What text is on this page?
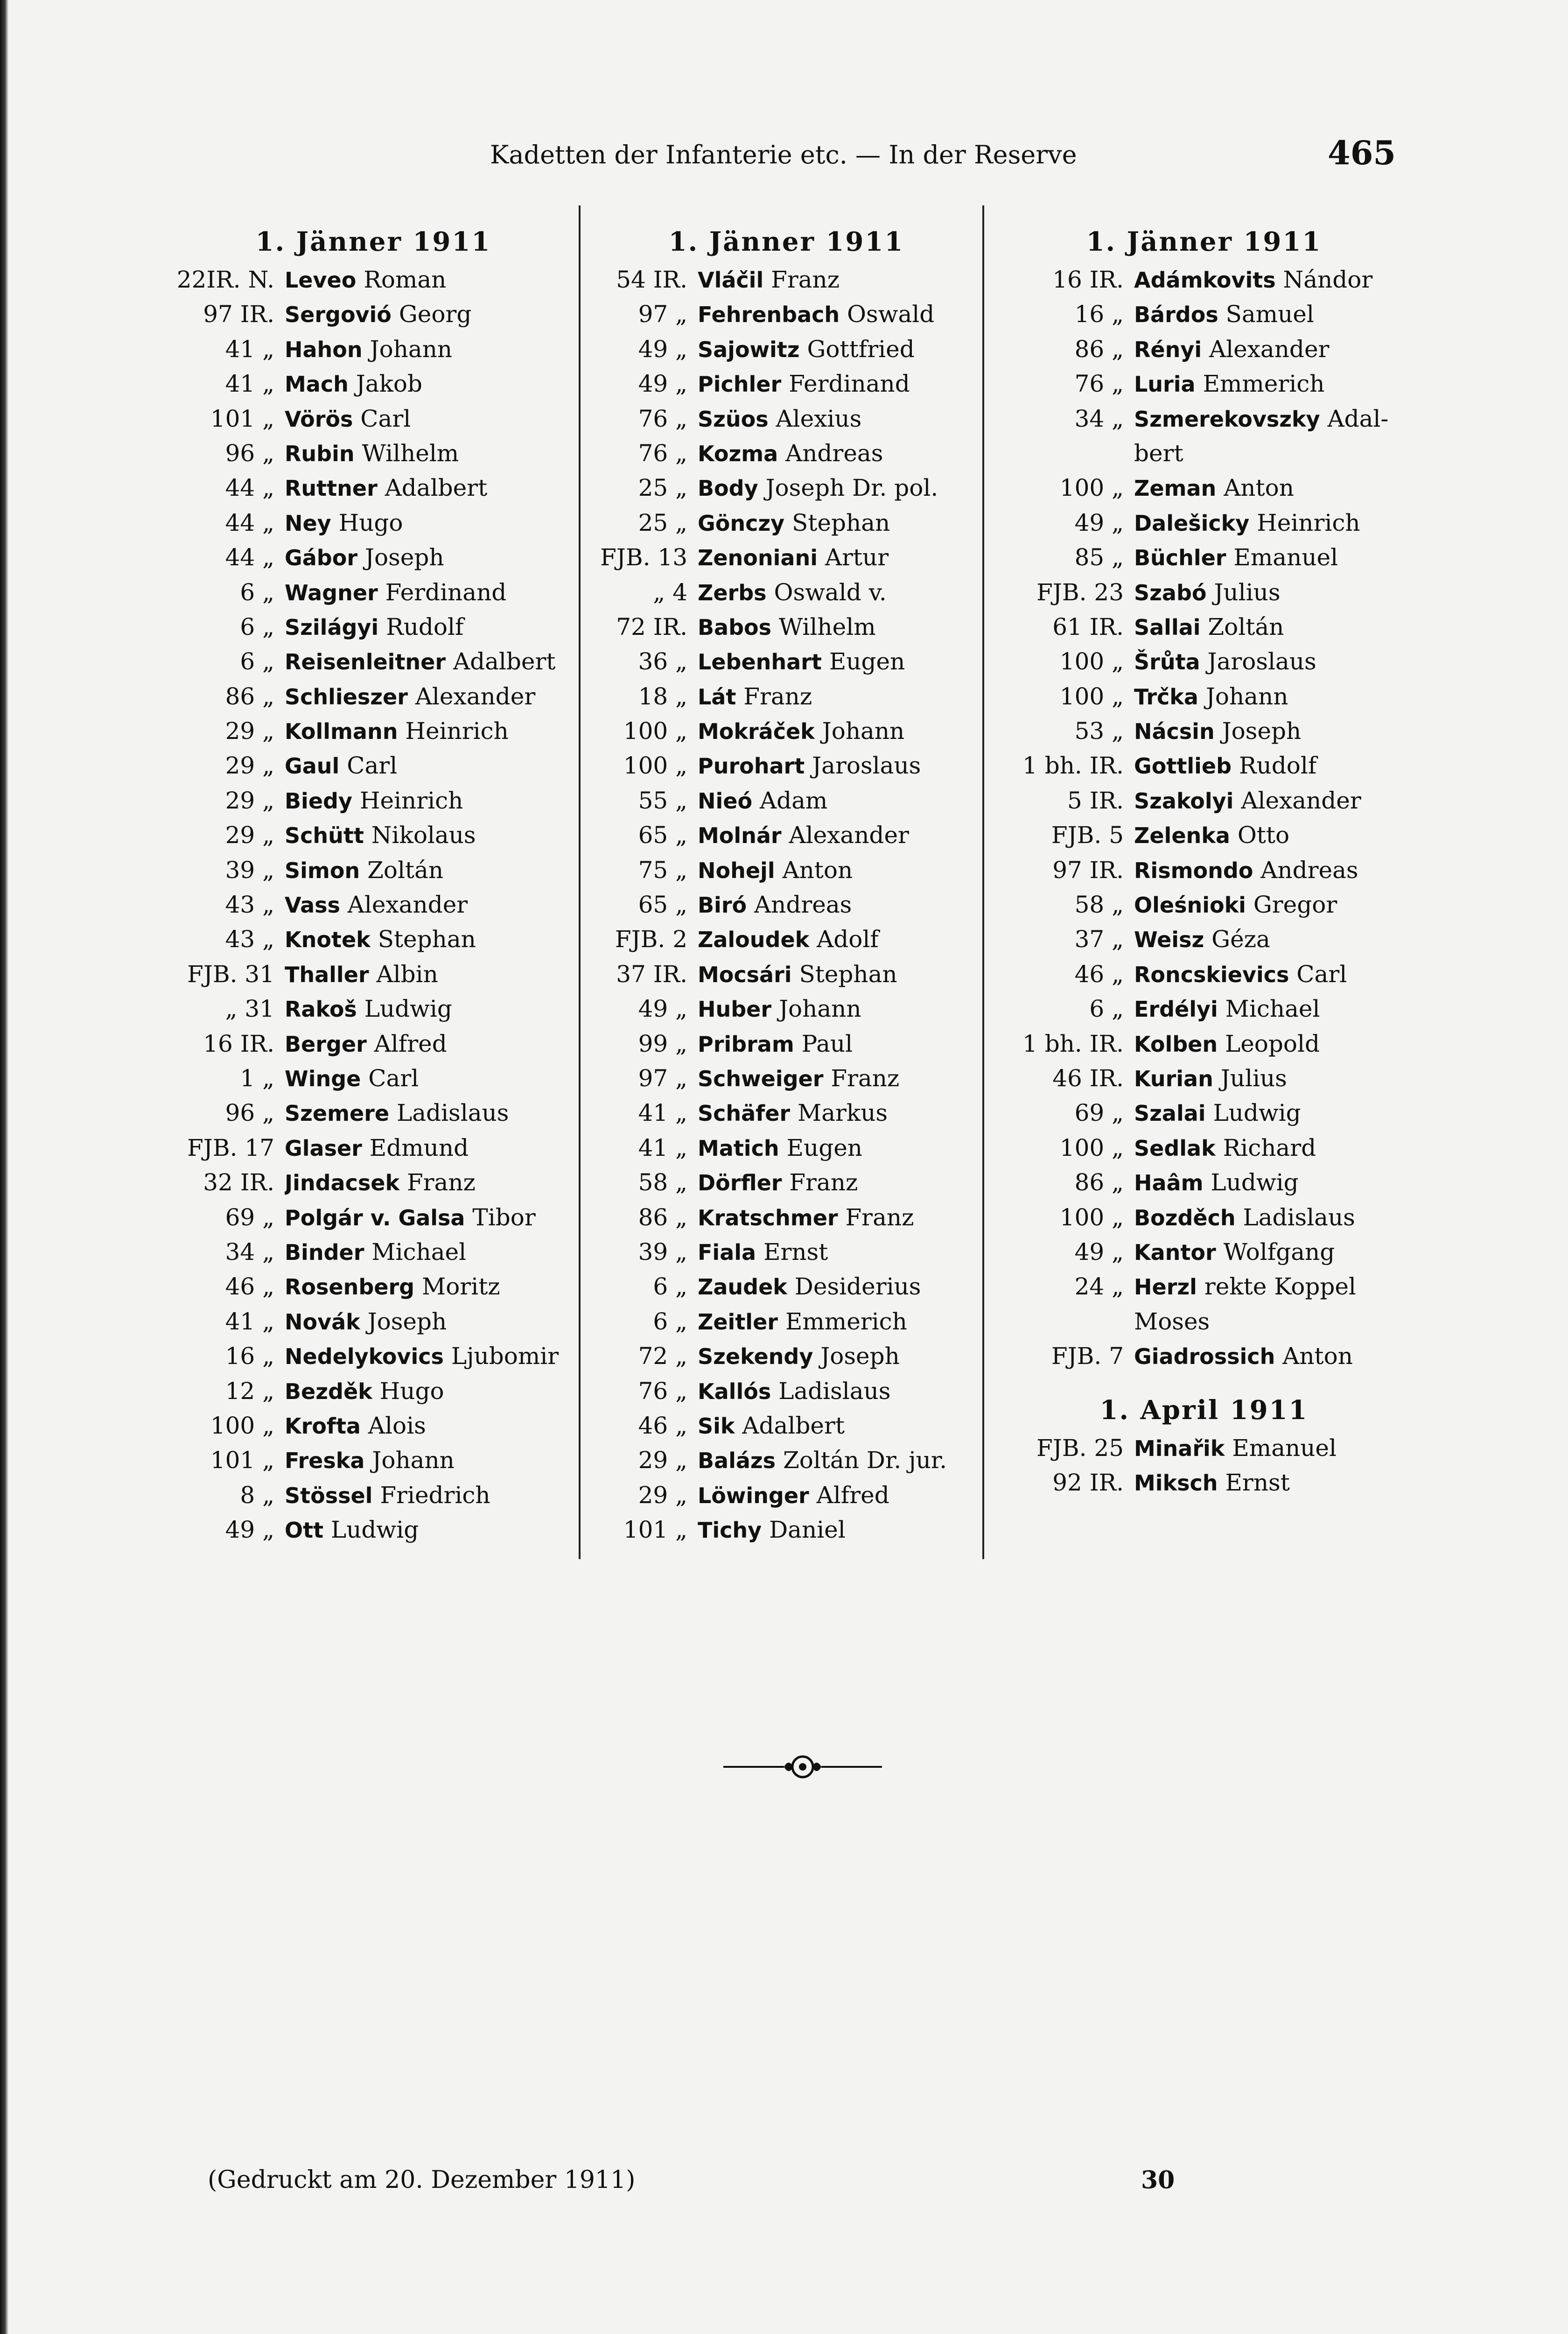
Kadetten der Infanterie etc. — In der Reserve	465
1. Jänner 1911
22IR. N. Leveo Roman
97 IR. Sergovió Georg
41 „ Hahon Johann
41 „ Mach Jakob
101 „ Vörös Carl
96 „ Rubin Wilhelm
44 „ Ruttner Adalbert
44 „ Ney Hugo
44 „ Gábor Joseph
6 „ Wagner Ferdinand
6 „ Szilágyi Rudolf
6 „ Reisenleitner Adalbert
86 „ Schlieszer Alexander
29 „ Kollmann Heinrich
29 „ Gaul Carl
29 „ Biedy Heinrich
29 „ Schütt Nikolaus
39 „ Simon Zoltán
43 „ Vass Alexander
43 „ Knotek Stephan
FJB. 31 Thaller Albin
„ 31 Rakoš Ludwig
16 IR. Berger Alfred
1 „ Winge Carl
96 „ Szemere Ladislaus
FJB. 17 Glaser Edmund
32 IR. Jindacsek Franz
69 „ Polgár v. Galsa Tibor
34 „ Binder Michael
46 „ Rosenberg Moritz
41 „ Novák Joseph
16 „ Nedelykovics Ljubomir
12 „ Bezděk Hugo
100 „ Krofta Alois
101 „ Freska Johann
8 „ Stössel Friedrich
49 „ Ott Ludwig
1. Jänner 1911
54 IR. Vláčil Franz
97 „ Fehrenbach Oswald
49 „ Sajowitz Gottfried
49 „ Pichler Ferdinand
76 „ Szüos Alexius
76 „ Kozma Andreas
25 „ Body Joseph Dr. pol.
25 „ Gönczy Stephan
FJB. 13 Zenoniani Artur
„ 4 Zerbs Oswald v.
72 IR. Babos Wilhelm
36 „ Lebenhart Eugen
18 „ Lát Franz
100 „ Mokráček Johann
100 „ Purohart Jaroslaus
55 „ Nieó Adam
65 „ Molnár Alexander
75 „ Nohejl Anton
65 „ Biró Andreas
FJB. 2 Zaloudek Adolf
37 IR. Mocsári Stephan
49 „ Huber Johann
99 „ Pribram Paul
97 „ Schweiger Franz
41 „ Schäfer Markus
41 „ Matich Eugen
58 „ Dörfler Franz
86 „ Kratschmer Franz
39 „ Fiala Ernst
6 „ Zaudek Desiderius
6 „ Zeitler Emmerich
72 „ Szekendy Joseph
76 „ Kallós Ladislaus
46 „ Sik Adalbert
29 „ Balázs Zoltán Dr. jur.
29 „ Löwinger Alfred
101 „ Tichy Daniel
1. Jänner 1911
16 IR. Adámkovits Nándor
16 „ Bárdos Samuel
86 „ Rényi Alexander
76 „ Luria Emmerich
34 „ Szmerekovszky Adal-
bert
100 „ Zeman Anton
49 „ Dalešicky Heinrich
85 „ Büchler Emanuel
FJB. 23 Szabó Julius
61 IR. Sallai Zoltán
100 „ Šrůta Jaroslaus
100 „ Trčka Johann
53 „ Nácsin Joseph
1 bh. IR. Gottlieb Rudolf
5 IR. Szakolyi Alexander
FJB. 5 Zelenka Otto
97 IR. Rismondo Andreas
58 „ Oleśnioki Gregor
37 „ Weisz Géza
46 „ Roncskievics Carl
6 „ Erdélyi Michael
1 bh. IR. Kolben Leopold
46 IR. Kurian Julius
69 „ Szalai Ludwig
100 „ Sedlak Richard
86 „ Haâm Ludwig
100 „ Bozděch Ladislaus
49 „ Kantor Wolfgang
24 „ Herzl rekte Koppel
Moses
FJB. 7 Giadrossich Anton
1. April 1911
FJB. 25 Minařik Emanuel
92 IR. Miksch Ernst
(Gedruckt am 20. Dezember 1911)	30
